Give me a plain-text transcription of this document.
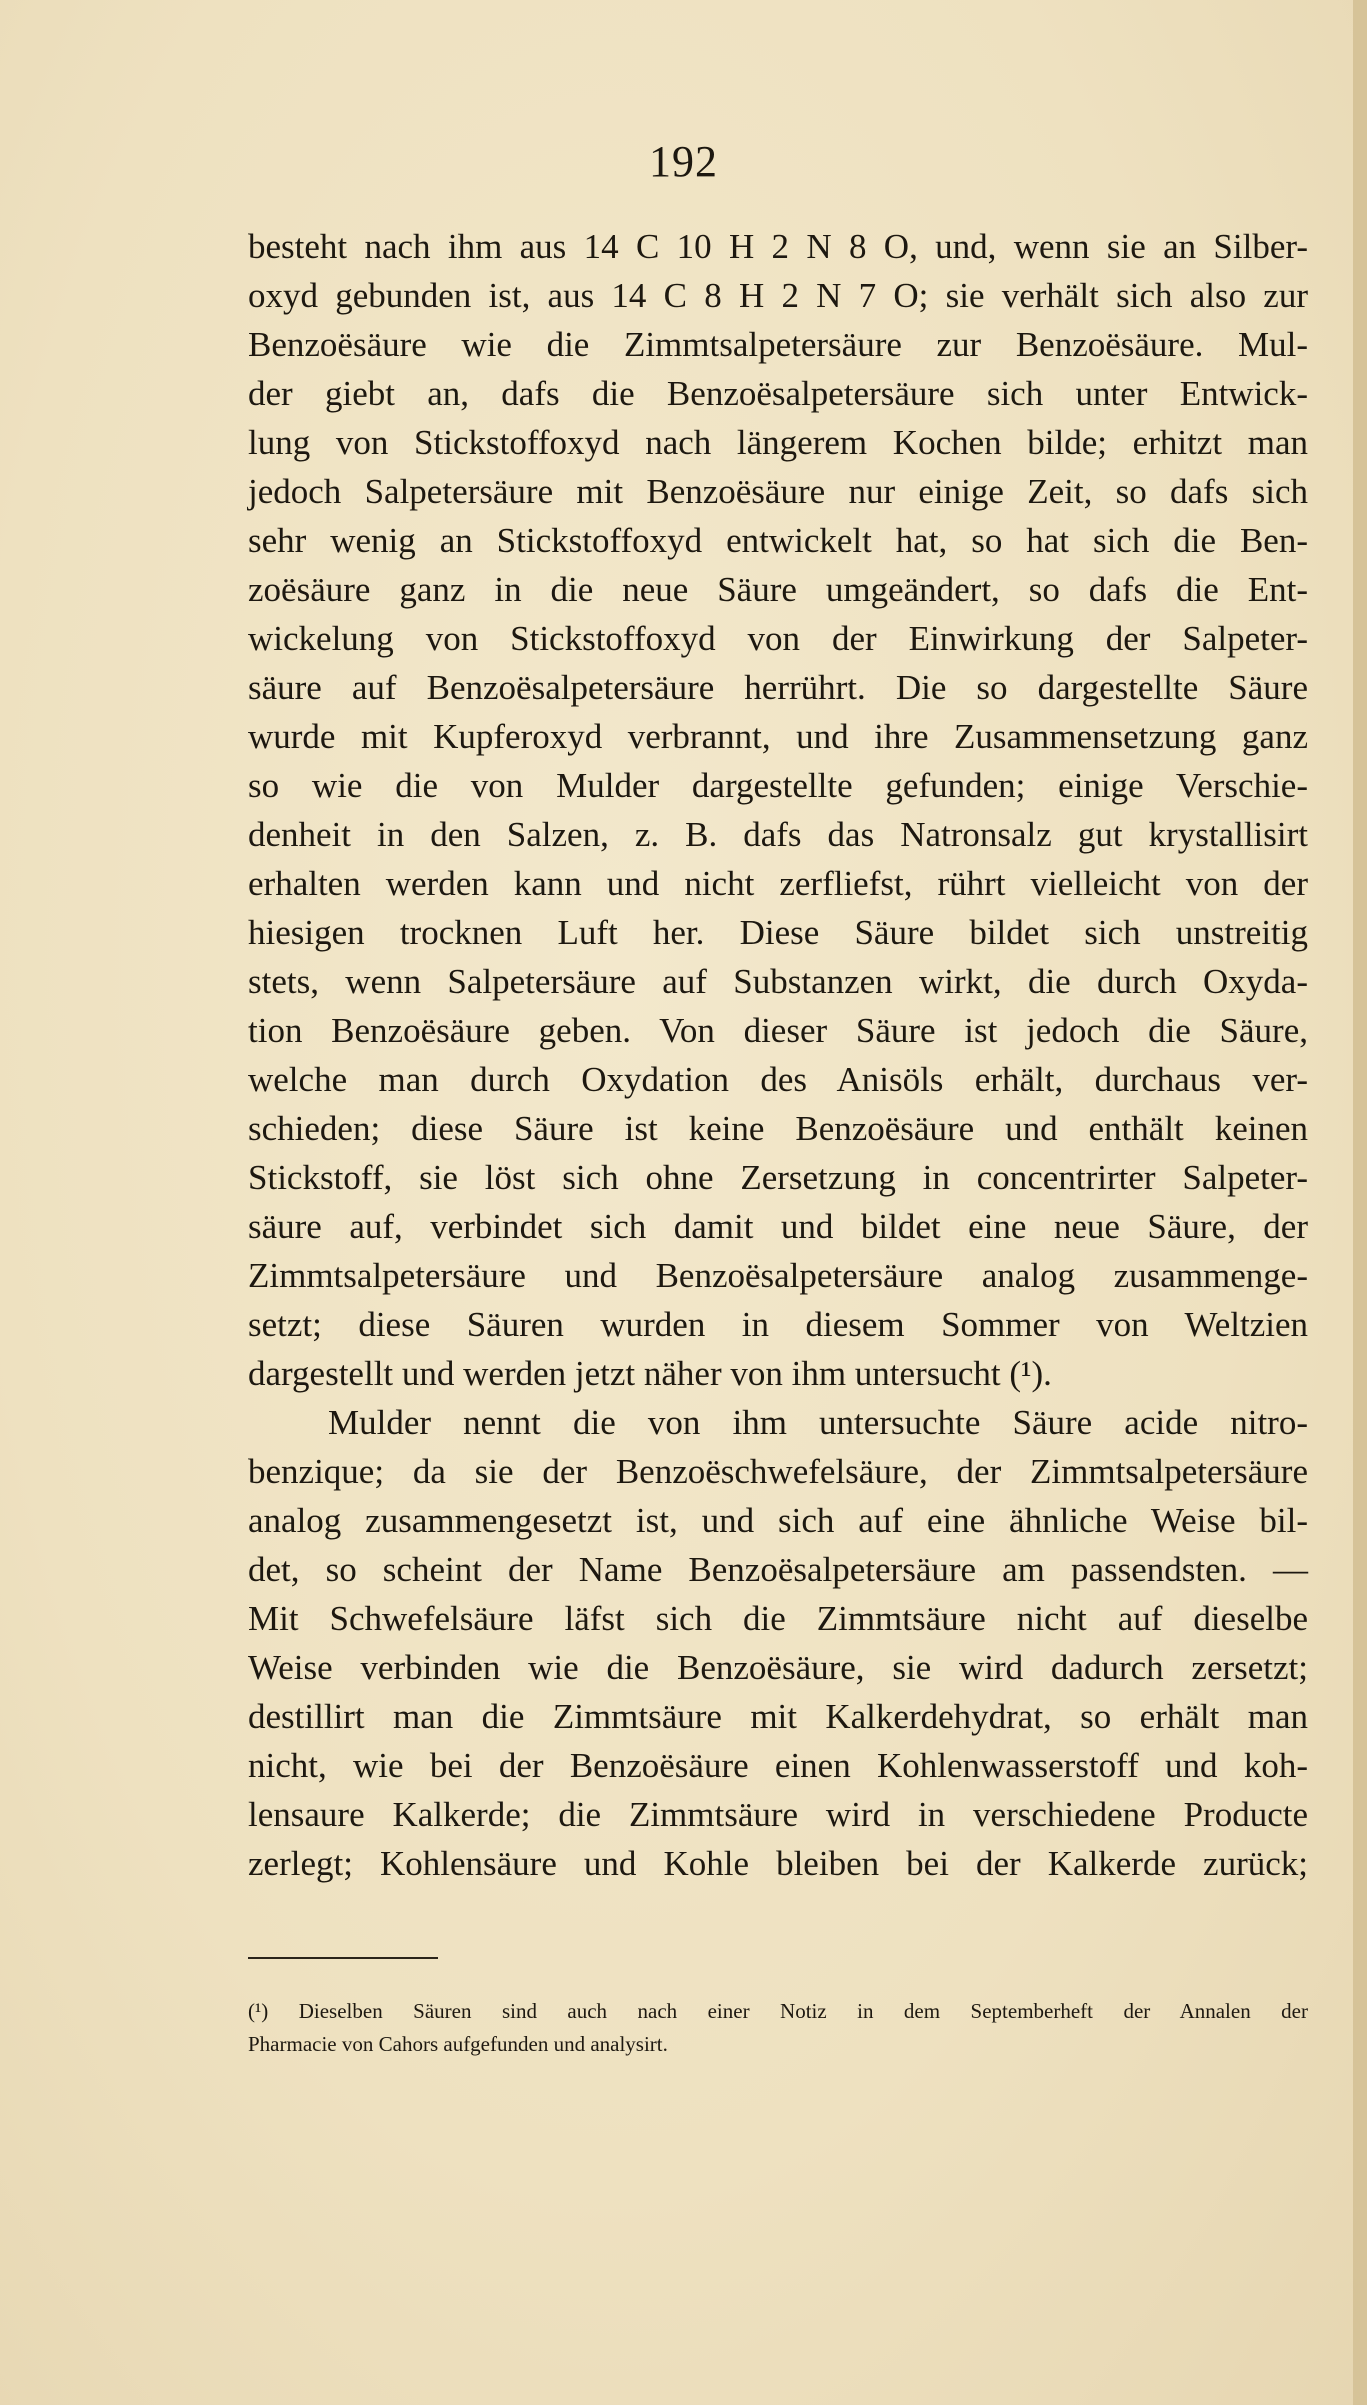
192
besteht nach ihm aus 14 C 10 H 2 N 8 O, und, wenn sie an Silber-
oxyd gebunden ist, aus 14 C 8 H 2 N 7 O; sie verhält sich also zur
Benzoësäure wie die Zimmtsalpetersäure zur Benzoësäure. Mul-
der giebt an, dafs die Benzoësalpetersäure sich unter Entwick-
lung von Stickstoffoxyd nach längerem Kochen bilde; erhitzt man
jedoch Salpetersäure mit Benzoësäure nur einige Zeit, so dafs sich
sehr wenig an Stickstoffoxyd entwickelt hat, so hat sich die Ben-
zoësäure ganz in die neue Säure umgeändert, so dafs die Ent-
wickelung von Stickstoffoxyd von der Einwirkung der Salpeter-
säure auf Benzoësalpetersäure herrührt. Die so dargestellte Säure
wurde mit Kupferoxyd verbrannt, und ihre Zusammensetzung ganz
so wie die von Mulder dargestellte gefunden; einige Verschie-
denheit in den Salzen, z. B. dafs das Natronsalz gut krystallisirt
erhalten werden kann und nicht zerfliefst, rührt vielleicht von der
hiesigen trocknen Luft her. Diese Säure bildet sich unstreitig
stets, wenn Salpetersäure auf Substanzen wirkt, die durch Oxyda-
tion Benzoësäure geben. Von dieser Säure ist jedoch die Säure,
welche man durch Oxydation des Anisöls erhält, durchaus ver-
schieden; diese Säure ist keine Benzoësäure und enthält keinen
Stickstoff, sie löst sich ohne Zersetzung in concentrirter Salpeter-
säure auf, verbindet sich damit und bildet eine neue Säure, der
Zimmtsalpetersäure und Benzoësalpetersäure analog zusammenge-
setzt; diese Säuren wurden in diesem Sommer von Weltzien
dargestellt und werden jetzt näher von ihm untersucht (¹).
Mulder nennt die von ihm untersuchte Säure acide nitro-
benzique; da sie der Benzoëschwefelsäure, der Zimmtsalpetersäure
analog zusammengesetzt ist, und sich auf eine ähnliche Weise bil-
det, so scheint der Name Benzoësalpetersäure am passendsten. —
Mit Schwefelsäure läfst sich die Zimmtsäure nicht auf dieselbe
Weise verbinden wie die Benzoësäure, sie wird dadurch zersetzt;
destillirt man die Zimmtsäure mit Kalkerdehydrat, so erhält man
nicht, wie bei der Benzoësäure einen Kohlenwasserstoff und koh-
lensaure Kalkerde; die Zimmtsäure wird in verschiedene Producte
zerlegt; Kohlensäure und Kohle bleiben bei der Kalkerde zurück;
(¹) Dieselben Säuren sind auch nach einer Notiz in dem Septemberheft der Annalen der
Pharmacie von Cahors aufgefunden und analysirt.
